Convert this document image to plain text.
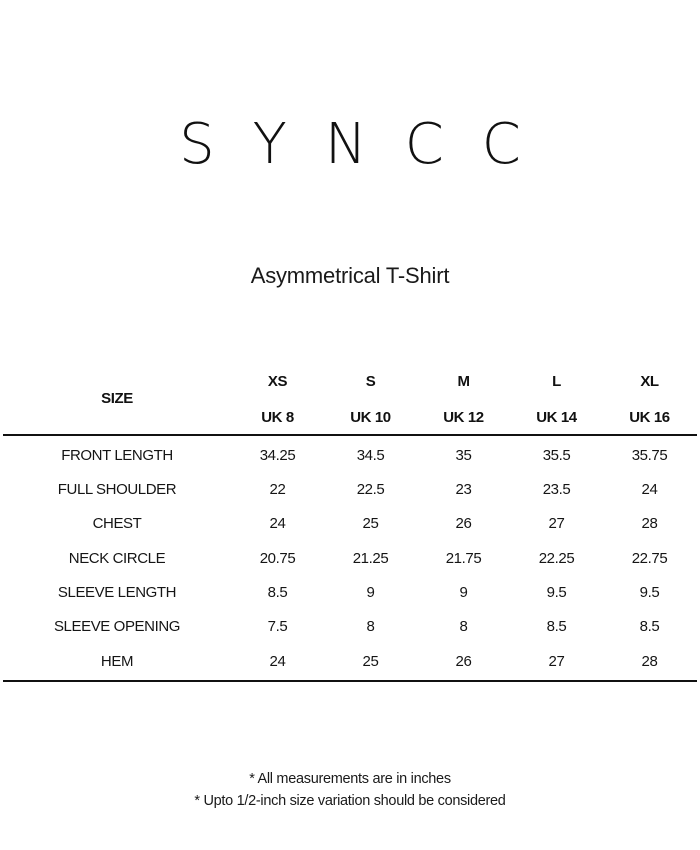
SYNCC
Asymmetrical T-Shirt
SIZE	XS	S	M	L	XL	
	UK 8	UK 10	UK 12	UK 14	UK 16	
FRONT LENGTH	34.25	34.5	35	35.5	35.75	
FULL SHOULDER	22	22.5	23	23.5	24	
CHEST	24	25	26	27	28	
NECK CIRCLE	20.75	21.25	21.75	22.25	22.75	
SLEEVE LENGTH	8.5	9	9	9.5	9.5	
SLEEVE OPENING	7.5	8	8	8.5	8.5	
HEM	24	25	26	27	28	
* All measurements are in inches
* Upto 1/2-inch size variation should be considered
